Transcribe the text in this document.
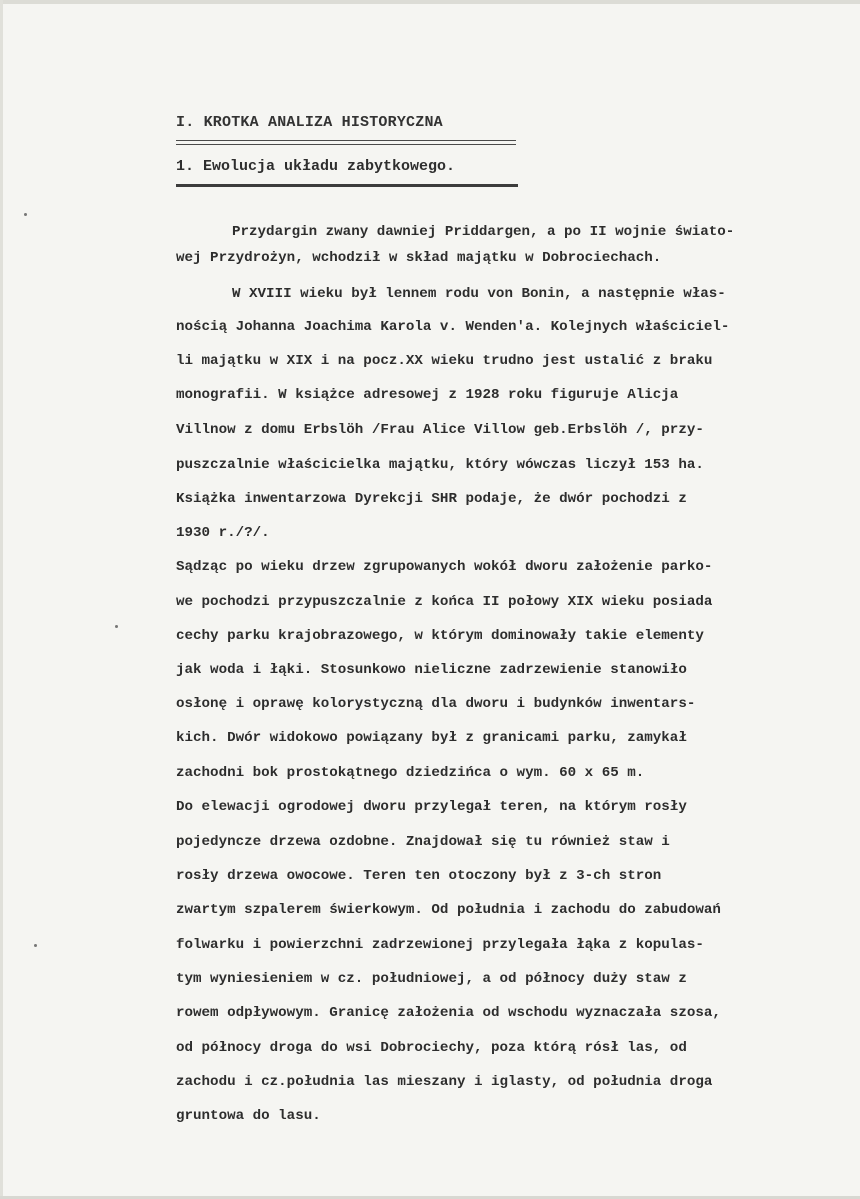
I. KROTKA ANALIZA HISTORYCZNA
1. Ewolucja układu zabytkowego.
Przydargin zwany dawniej Priddargen, a po II wojnie świato-
wej Przydrożyn, wchodził w skład majątku w Dobrociechach.
W XVIII wieku był lennem rodu von Bonin, a następnie włas-
nością Johanna Joachima Karola v. Wenden'a. Kolejnych właściciel-
li majątku w XIX i na pocz.XX wieku trudno jest ustalić z braku
monografii. W książce adresowej z 1928 roku figuruje Alicja
Villnow z domu Erbslöh /Frau Alice Villow geb.Erbslöh /, przy-
puszczalnie właścicielka majątku, który wówczas liczył 153 ha.
Książka inwentarzowa Dyrekcji SHR podaje, że dwór pochodzi z
1930 r./?/.
Sądząc po wieku drzew zgrupowanych wokół dworu założenie parko-
we pochodzi przypuszczalnie z końca II połowy XIX wieku posiada
cechy parku krajobrazowego, w którym dominowały takie elementy
jak woda i łąki. Stosunkowo nieliczne zadrzewienie stanowiło
osłonę i oprawę kolorystyczną dla dworu i budynków inwentars-
kich. Dwór widokowo powiązany był z granicami parku, zamykał
zachodni bok prostokątnego dziedzińca o wym. 60 x 65 m.
Do elewacji ogrodowej dworu przylegał teren, na którym rosły
pojedyncze drzewa ozdobne. Znajdował się tu również staw i
rosły drzewa owocowe. Teren ten otoczony był z 3-ch stron
zwartym szpalerem świerkowym. Od południa i zachodu do zabudowań
folwarku i powierzchni zadrzewionej przylegała łąka z kopulas-
tym wyniesieniem w cz. południowej, a od północy duży staw z
rowem odpływowym. Granicę założenia od wschodu wyznaczała szosa,
od północy droga do wsi Dobrociechy, poza którą rósł las, od
zachodu i cz.południa las mieszany i iglasty, od południa droga
gruntowa do lasu.
